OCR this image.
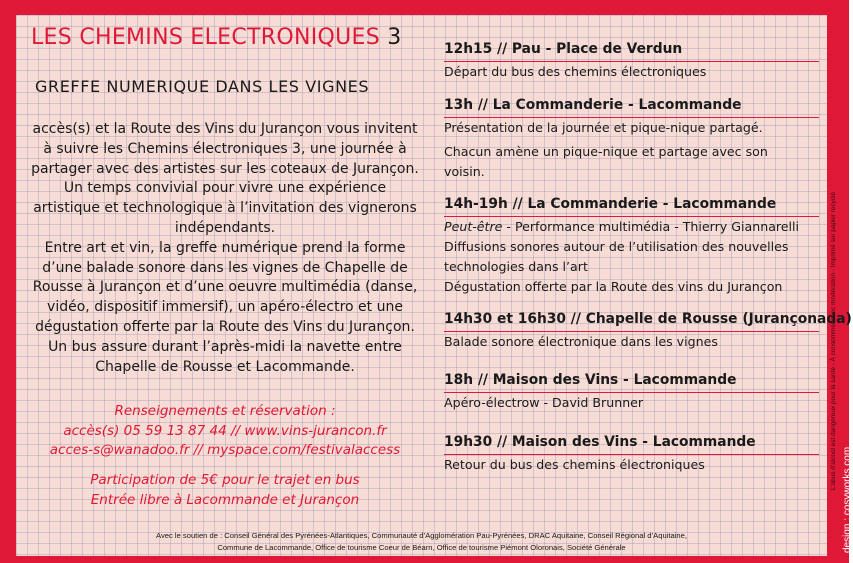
LES CHEMINS ELECTRONIQUES 3
GREFFE NUMERIQUE DANS LES VIGNES

accès(s) et la Route des Vins du Jurançon vous invitent à suivre les Chemins électroniques 3, une journée à partager avec des artistes sur les coteaux de Jurançon. Un temps convivial pour vivre une expérience artistique et technologique à l’invitation des vignerons indépendants.

Entre art et vin, la greffe numérique prend la forme d’une balade sonore dans les vignes de Chapelle de Rousse à Jurançon et d’une oeuvre multimédia (danse, vidéo, dispositif immersif), un apéro-électro et une dégustation offerte par la Route des Vins du Jurançon. Un bus assure durant l’après-midi la navette entre Chapelle de Rousse et Lacommande.

Renseignements et réservation :

accès(s) 05 59 13 87 44 // www.vins-jurancon.fr

acces-s@wanadoo.fr // myspace.com/festivalaccess

Participation de 5€ pour le trajet en bus

Entrée libre à Lacommande et Jurançon

12h15 // Pau - Place de Verdun
Départ du bus des chemins électroniques
13h // La Commanderie - Lacommande
Présentation de la journée et pique-nique partagé.
Chacun amène un pique-nique et partage avec son
voisin.
14h-19h // La Commanderie - Lacommande
Peut-être - Performance multimédia - Thierry Giannarelli
Diffusions sonores autour de l’utilisation des nouvelles
technologies dans l’art
Dégustation offerte par la Route des vins du Jurançon
14h30 et 16h30 // Chapelle de Rousse (Jurançonada)
Balade sonore électronique dans les vignes
18h // Maison des Vins - Lacommande
Apéro-électrow - David Brunner
19h30 // Maison des Vins - Lacommande
Retour du bus des chemins électroniques

Avec le soutien de : Conseil Général des Pyrénées-Atlantiques, Communauté d’Agglomération Pau-Pyrénées, DRAC Aquitaine, Conseil Régional d’Aquitaine,

Commune de Lacommande, Office de tourisme Coeur de Béarn, Office de tourisme Piémont Oloronais, Société Générale	design : cosyworks.com
L’abus d’alcool est dangereux pour la santé - À consommer avec modération - Imprimé sur papier recyclé
